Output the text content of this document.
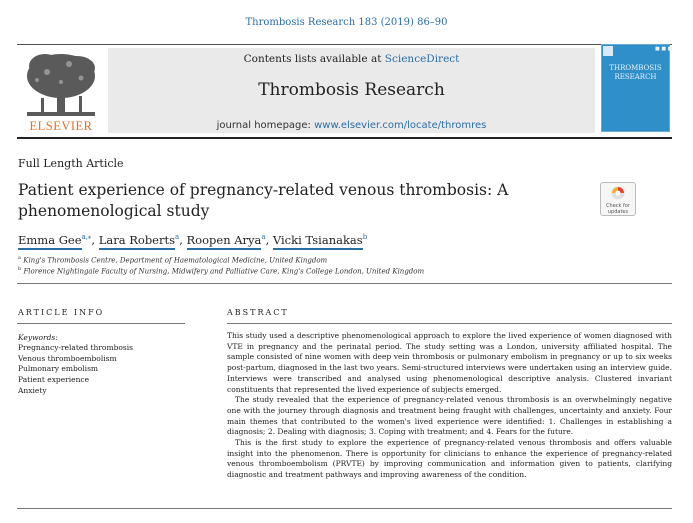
Thrombosis Research 183 (2019) 86–90
ELSEVIER
Contents lists available at ScienceDirect
Thrombosis Research
journal homepage: www.elsevier.com/locate/thromres
■ ■ ■
THROMBOSIS
RESEARCH
Full Length Article
Patient experience of pregnancy-related venous thrombosis: A phenomenological study	Check for
updates
Emma Gee$^{a,⁎}$, Lara Roberts$^a$, Roopen Arya$^a$, Vicki Tsianakas$^b$
$^a$ King's Thrombosis Centre, Department of Haematological Medicine, United Kingdom
$^b$ Florence Nightingale Faculty of Nursing, Midwifery and Palliative Care, King's College London, United Kingdom
ARTICLE INFO
Keywords:
Pregnancy-related thrombosis
Venous thromboembolism
Pulmonary embolism
Patient experience
Anxiety
ABSTRACT

This study used a descriptive phenomenological approach to explore the lived experience of women diagnosed with VTE in pregnancy and the perinatal period. The study setting was a London, university affiliated hospital. The sample consisted of nine women with deep vein thrombosis or pulmonary embolism in pregnancy or up to six weeks post-partum, diagnosed in the last two years. Semi-structured interviews were undertaken using an interview guide. Interviews were transcribed and analysed using phenomenological descriptive analysis. Clustered invariant constituents that represented the lived experience of subjects emerged.

The study revealed that the experience of pregnancy-related venous thrombosis is an overwhelmingly negative one with the journey through diagnosis and treatment being fraught with challenges, uncertainty and anxiety. Four main themes that contributed to the women's lived experience were identified: 1. Challenges in establishing a diagnosis; 2. Dealing with diagnosis; 3. Coping with treatment; and 4. Fears for the future.

This is the first study to explore the experience of pregnancy-related venous thrombosis and offers valuable insight into the phenomenon. There is opportunity for clinicians to enhance the experience of pregnancy-related venous thromboembolism (PRVTE) by improving communication and information given to patients, clarifying diagnostic and treatment pathways and improving awareness of the condition.
